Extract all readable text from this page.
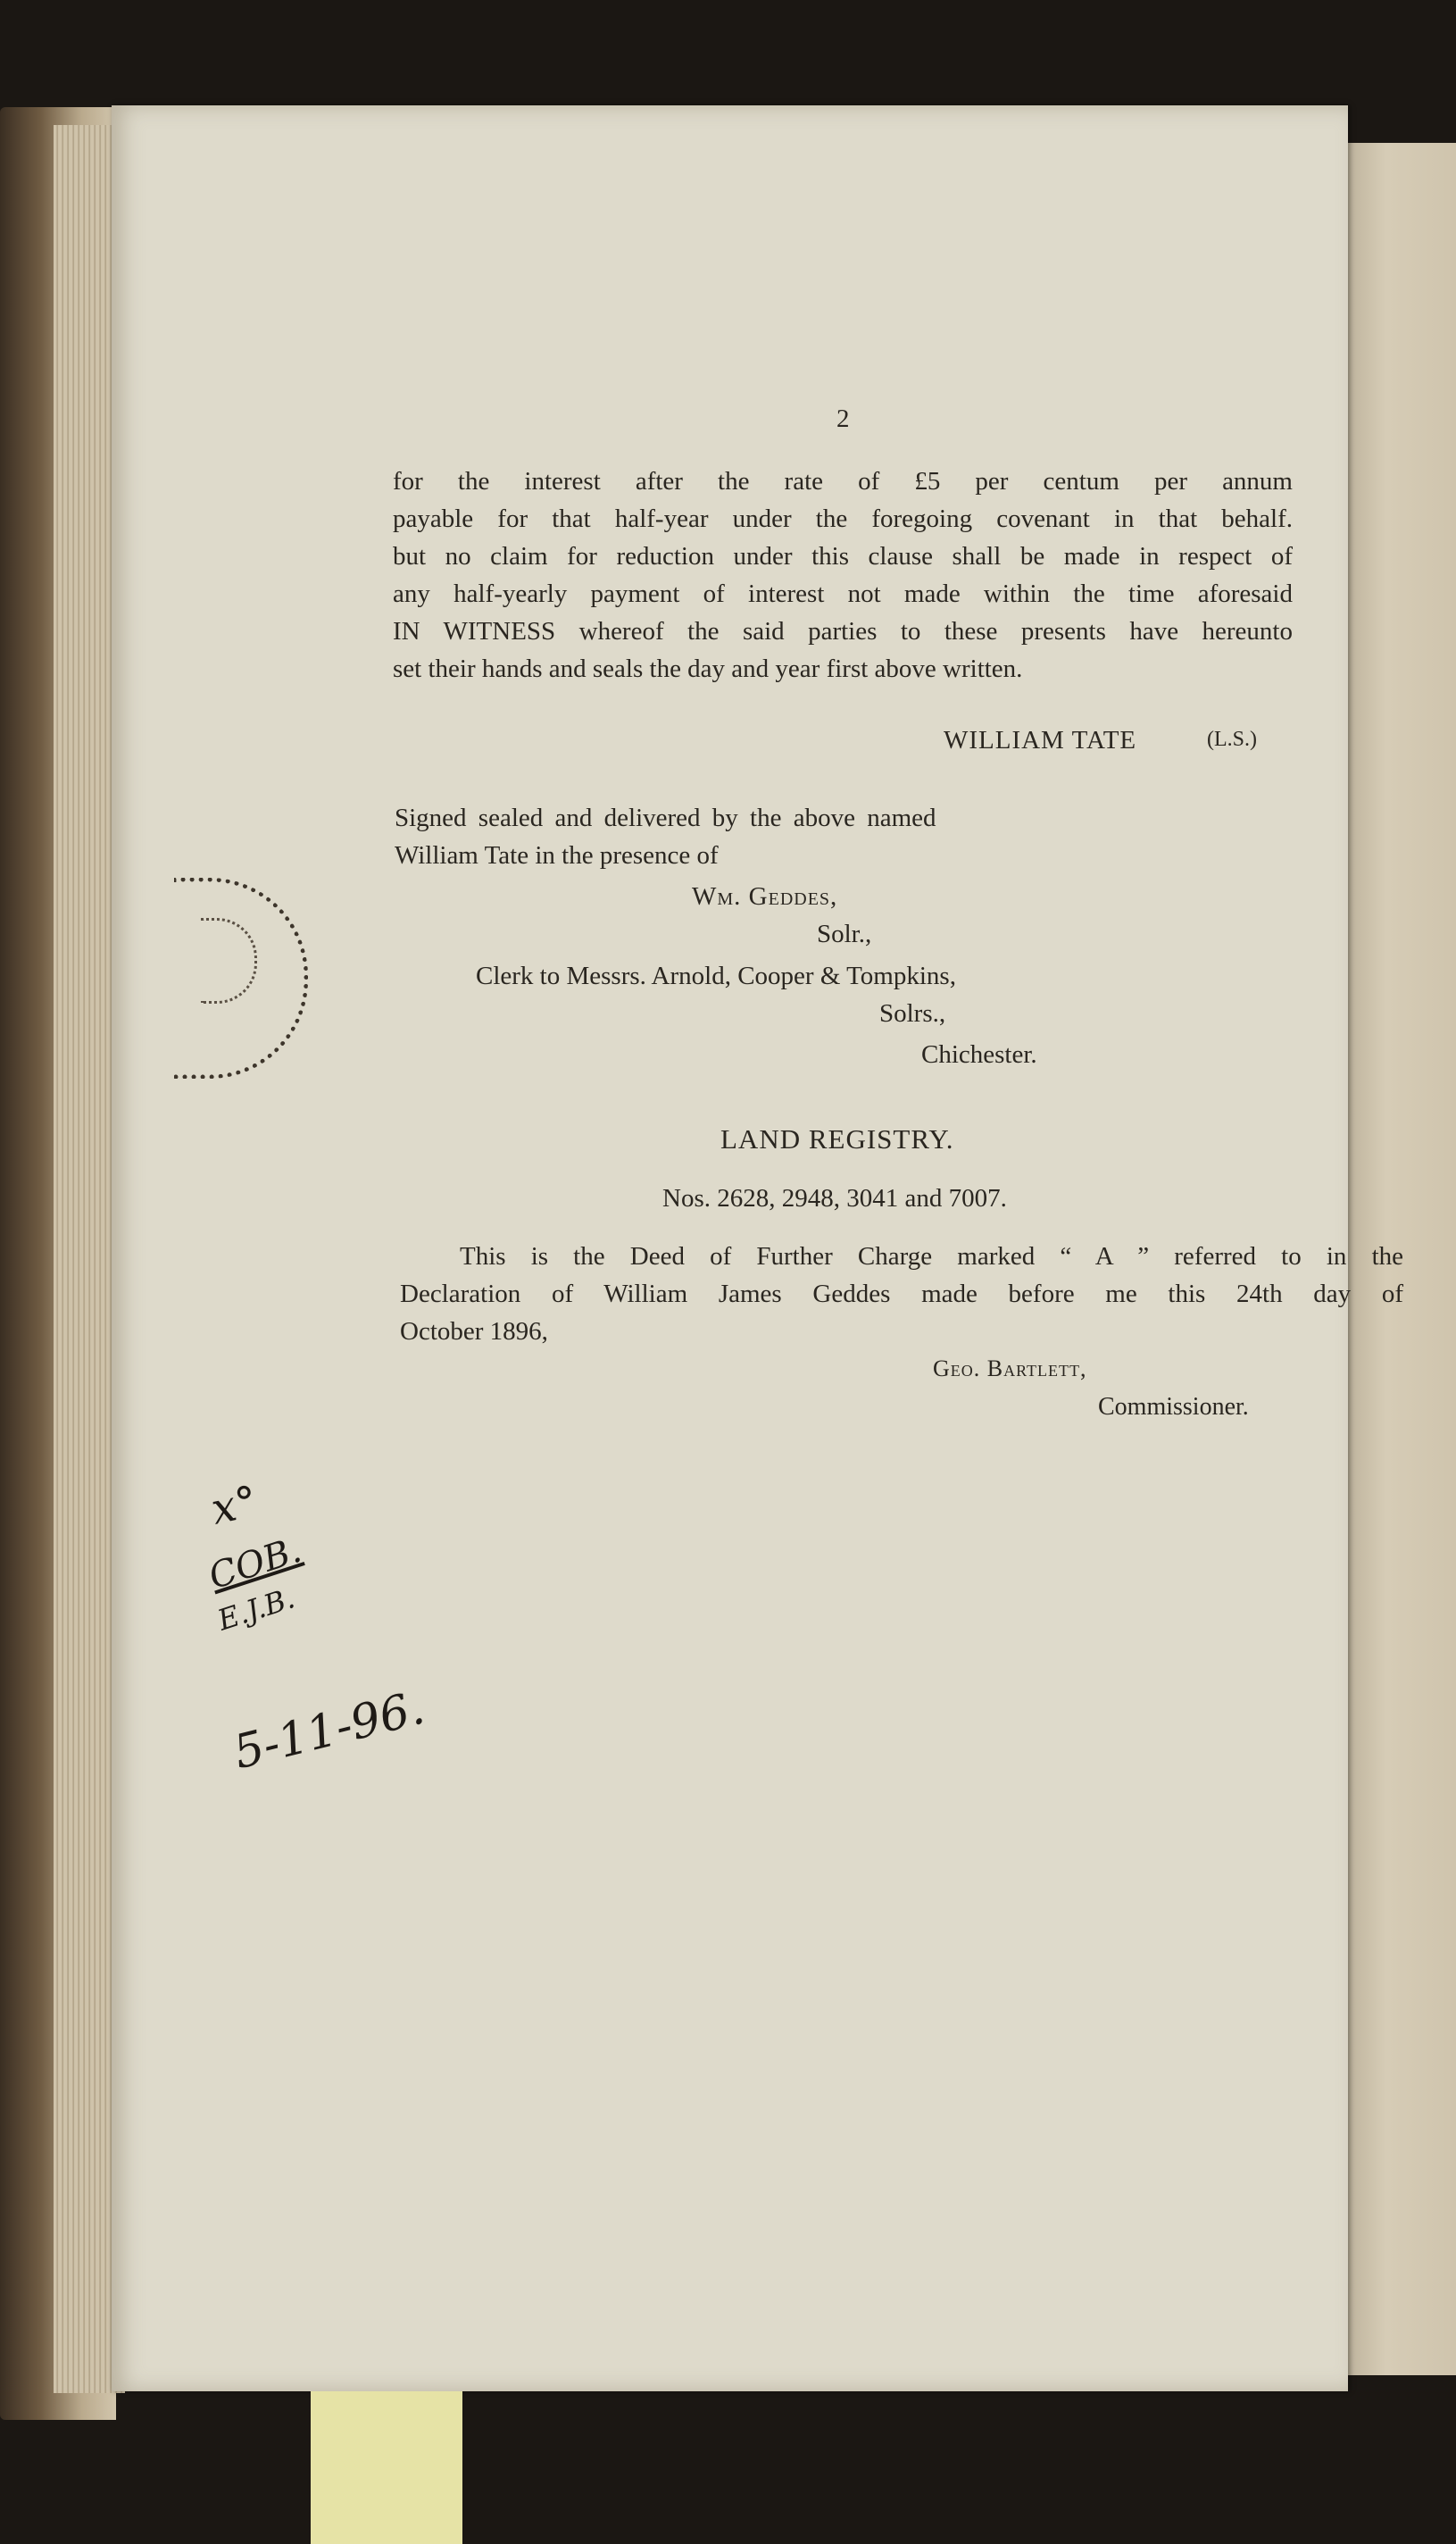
2

for the interest after the rate of £5 per centum per annum

payable for that half-year under the foregoing covenant in that behalf.

but no claim for reduction under this clause shall be made in respect of

any half-yearly payment of interest not made within the time aforesaid

IN WITNESS whereof the said parties to these presents have hereunto

set their hands and seals the day and year first above written.

WILLIAM TATE	(L.S.)

Signed sealed and delivered by the above named

William Tate in the presence of

Wm. Geddes,

Solr.,

Clerk to Messrs. Arnold, Cooper & Tompkins,

Solrs.,

Chichester.

LAND REGISTRY.

Nos. 2628, 2948, 3041 and 7007.

This is the Deed of Further Charge marked “ A ” referred to in the

Declaration of William James Geddes made before me this 24th day of

October 1896,

Geo. Bartlett,

Commissioner.

x°
COB.
E.J.B.
5-11-96.
